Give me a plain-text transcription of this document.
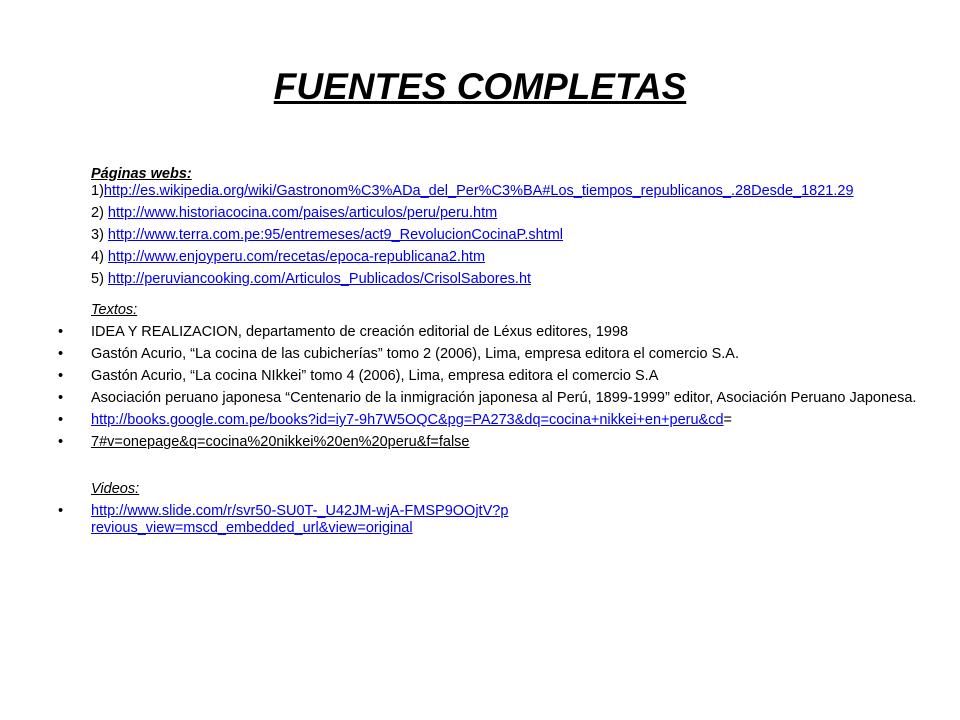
FUENTES COMPLETAS
Páginas webs:
1)http://es.wikipedia.org/wiki/Gastronom%C3%ADa_del_Per%C3%BA#Los_tiempos_republicanos_.28Desde_1821.29
2) http://www.historiacocina.com/paises/articulos/peru/peru.htm
3) http://www.terra.com.pe:95/entremeses/act9_RevolucionCocinaP.shtml
4) http://www.enjoyperu.com/recetas/epoca-republicana2.htm
5) http://peruviancooking.com/Articulos_Publicados/CrisolSabores.ht
Textos:
• IDEA Y REALIZACION, departamento de creación editorial de Léxus editores, 1998
• Gastón Acurio, “La cocina de las cubicherías” tomo 2 (2006), Lima, empresa editora el comercio S.A.
• Gastón Acurio, “La cocina NIkkei” tomo 4 (2006), Lima, empresa editora el comercio S.A
• Asociación peruano japonesa “Centenario de la inmigración japonesa al Perú, 1899-1999” editor, Asociación Peruano Japonesa.
• http://books.google.com.pe/books?id=iy7-9h7W5OQC&pg=PA273&dq=cocina+nikkei+en+peru&cd=
• 7#v=onepage&q=cocina%20nikkei%20en%20peru&f=false
Videos:
• http://www.slide.com/r/svr50-SU0T-_U42JM-wjA-FMSP9OOjtV?previous_view=mscd_embedded_url&view=original
